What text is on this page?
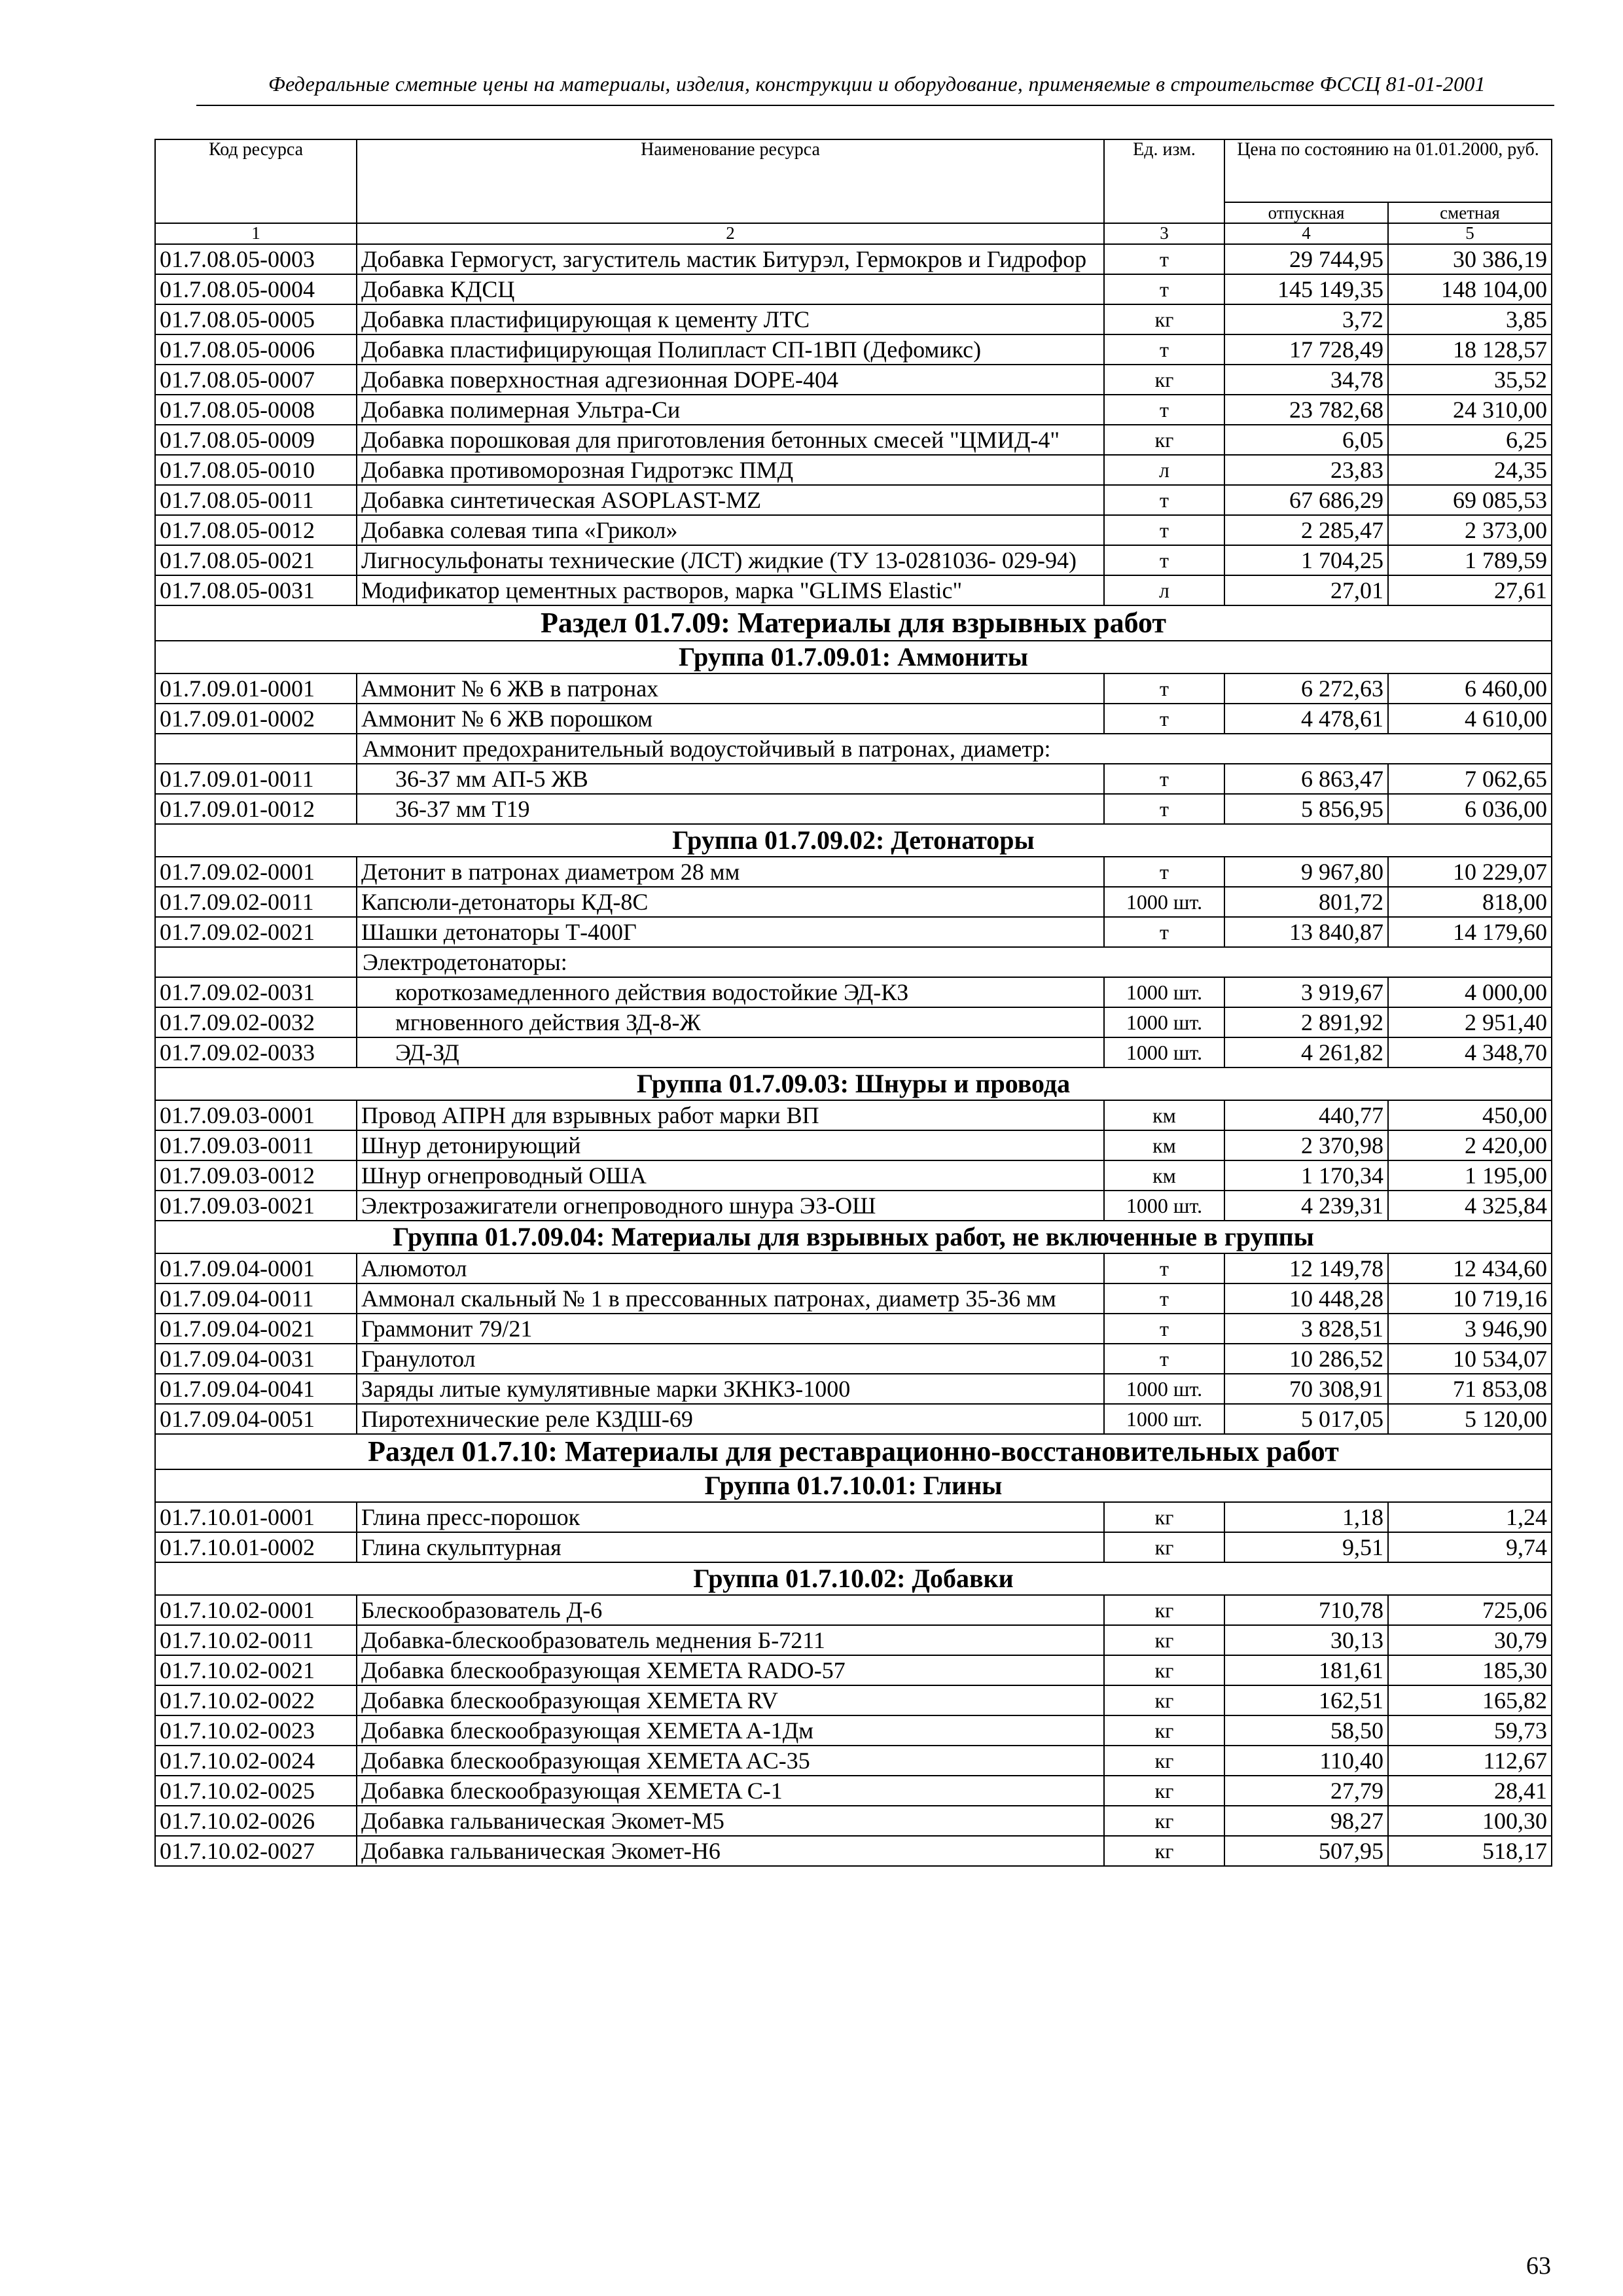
Федеральные сметные цены на материалы, изделия, конструкции и оборудование, применяемые в строительстве ФССЦ 81-01-2001
Код ресурса	Наименование ресурса	Ед. изм.	Цена по состоянию на 01.01.2000, руб.	
			отпускная	сметная
1	2	3	4	5
01.7.08.05-0003	Добавка Гермогуст, загуститель мастик Битурэл, Гермокров и Гидрофор	т	29 744,95	30 386,19
01.7.08.05-0004	Добавка КДСЦ	т	145 149,35	148 104,00
01.7.08.05-0005	Добавка пластифицирующая к цементу ЛТС	кг	3,72	3,85
01.7.08.05-0006	Добавка пластифицирующая Полипласт СП-1ВП (Дефомикс)	т	17 728,49	18 128,57
01.7.08.05-0007	Добавка поверхностная адгезионная DOPE-404	кг	34,78	35,52
01.7.08.05-0008	Добавка полимерная Ультра-Си	т	23 782,68	24 310,00
01.7.08.05-0009	Добавка порошковая для приготовления бетонных смесей "ЦМИД-4"	кг	6,05	6,25
01.7.08.05-0010	Добавка противоморозная Гидротэкс ПМД	л	23,83	24,35
01.7.08.05-0011	Добавка синтетическая ASOPLAST-MZ	т	67 686,29	69 085,53
01.7.08.05-0012	Добавка солевая типа «Грикол»	т	2 285,47	2 373,00
01.7.08.05-0021	Лигносульфонаты технические (ЛСТ) жидкие (ТУ 13-0281036- 029-94)	т	1 704,25	1 789,59
01.7.08.05-0031	Модификатор цементных растворов, марка "GLIMS Elastic"	л	27,01	27,61
Раздел 01.7.09: Материалы для взрывных работ				
Группа 01.7.09.01: Аммониты				
01.7.09.01-0001	Аммонит № 6 ЖВ в патронах	т	6 272,63	6 460,00
01.7.09.01-0002	Аммонит № 6 ЖВ порошком	т	4 478,61	4 610,00
	Аммонит предохранительный водоустойчивый в патронах, диаметр:			
01.7.09.01-0011	36-37 мм АП-5 ЖВ	т	6 863,47	7 062,65
01.7.09.01-0012	36-37 мм Т19	т	5 856,95	6 036,00
Группа 01.7.09.02: Детонаторы				
01.7.09.02-0001	Детонит в патронах диаметром 28 мм	т	9 967,80	10 229,07
01.7.09.02-0011	Капсюли-детонаторы КД-8С	1000 шт.	801,72	818,00
01.7.09.02-0021	Шашки детонаторы Т-400Г	т	13 840,87	14 179,60
	Электродетонаторы:			
01.7.09.02-0031	короткозамедленного действия водостойкие ЭД-КЗ	1000 шт.	3 919,67	4 000,00
01.7.09.02-0032	мгновенного действия ЗД-8-Ж	1000 шт.	2 891,92	2 951,40
01.7.09.02-0033	ЭД-ЗД	1000 шт.	4 261,82	4 348,70
Группа 01.7.09.03: Шнуры и провода				
01.7.09.03-0001	Провод АПРН для взрывных работ марки ВП	км	440,77	450,00
01.7.09.03-0011	Шнур детонирующий	км	2 370,98	2 420,00
01.7.09.03-0012	Шнур огнепроводный ОША	км	1 170,34	1 195,00
01.7.09.03-0021	Электрозажигатели огнепроводного шнура ЭЗ-ОШ	1000 шт.	4 239,31	4 325,84
Группа 01.7.09.04: Материалы для взрывных работ, не включенные в группы				
01.7.09.04-0001	Алюмотол	т	12 149,78	12 434,60
01.7.09.04-0011	Аммонал скальный № 1 в прессованных патронах, диаметр 35-36 мм	т	10 448,28	10 719,16
01.7.09.04-0021	Граммонит 79/21	т	3 828,51	3 946,90
01.7.09.04-0031	Гранулотол	т	10 286,52	10 534,07
01.7.09.04-0041	Заряды литые кумулятивные марки ЗКНКЗ-1000	1000 шт.	70 308,91	71 853,08
01.7.09.04-0051	Пиротехнические реле КЗДШ-69	1000 шт.	5 017,05	5 120,00
Раздел 01.7.10: Материалы для реставрационно-восстановительных работ				
Группа 01.7.10.01: Глины				
01.7.10.01-0001	Глина пресс-порошок	кг	1,18	1,24
01.7.10.01-0002	Глина скульптурная	кг	9,51	9,74
Группа 01.7.10.02: Добавки				
01.7.10.02-0001	Блескообразователь Д-6	кг	710,78	725,06
01.7.10.02-0011	Добавка-блескообразователь меднения Б-7211	кг	30,13	30,79
01.7.10.02-0021	Добавка блескообразующая XEMETA RADO-57	кг	181,61	185,30
01.7.10.02-0022	Добавка блескообразующая XEMETA RV	кг	162,51	165,82
01.7.10.02-0023	Добавка блескообразующая XEMETA A-1Дм	кг	58,50	59,73
01.7.10.02-0024	Добавка блескообразующая XEMETA AC-35	кг	110,40	112,67
01.7.10.02-0025	Добавка блескообразующая XEMETA C-1	кг	27,79	28,41
01.7.10.02-0026	Добавка гальваническая Экомет-М5	кг	98,27	100,30
01.7.10.02-0027	Добавка гальваническая Экомет-Н6	кг	507,95	518,17
63
